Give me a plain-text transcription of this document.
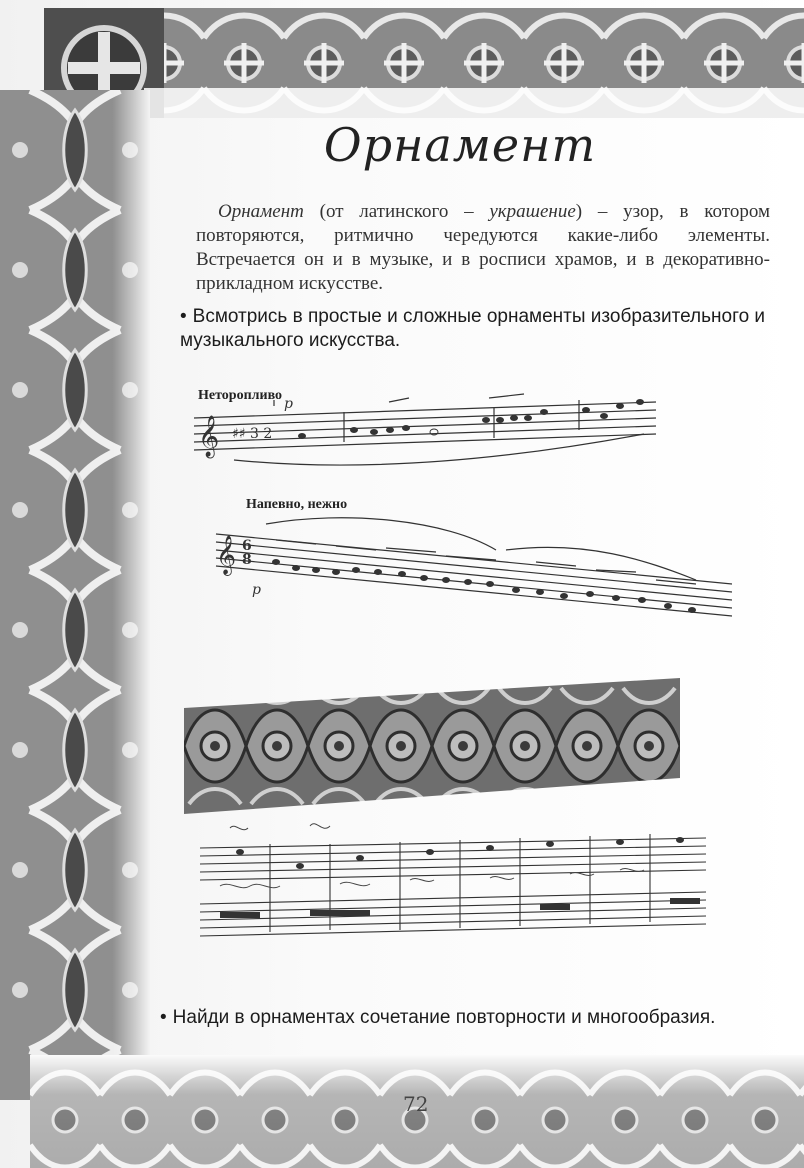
Орнамент
Орнамент (от латинского – украшение) – узор, в котором повторяются, ритмично чередуются какие-либо элементы. Встречается он и в музыке, и в росписи храмов, и в декоративно-прикладном искусстве.
• Всмотрись в простые и сложные орнаменты изобразительного и музыкального искусства.
Неторопливо
𝄞 ♯♯ 3 2
p
Напевно, нежно
𝄞 6
8
p
• Найди в орнаментах сочетание повторности и многообразия.
72
